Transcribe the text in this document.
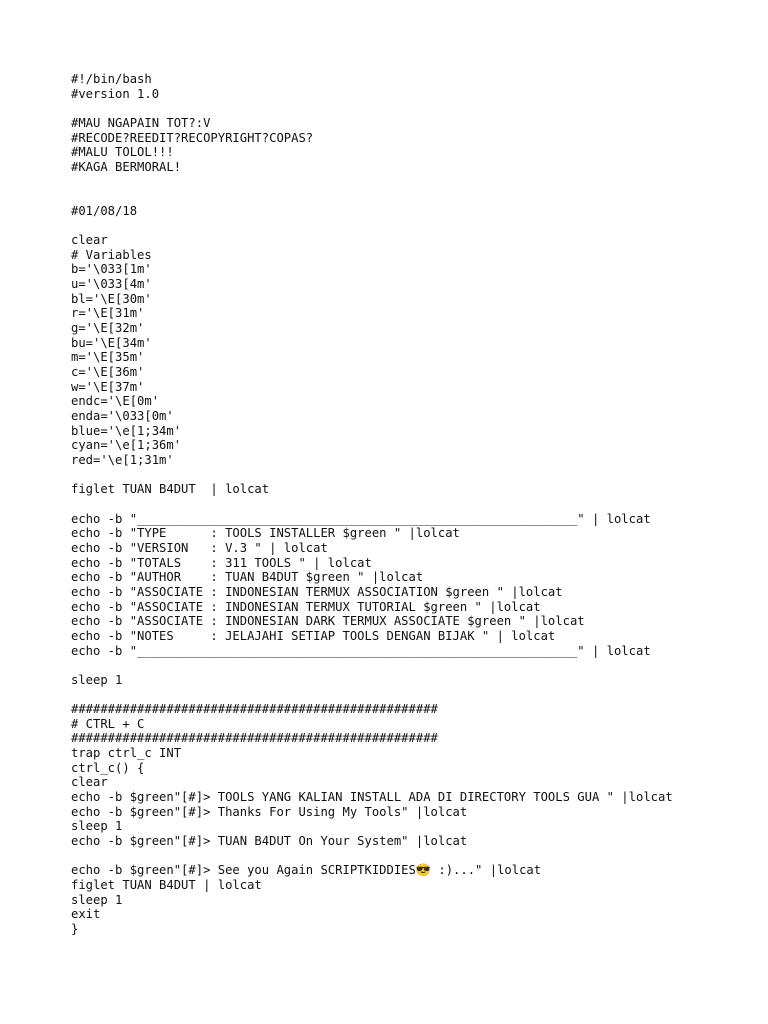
#!/bin/bash
#version 1.0
#MAU NGAPAIN TOT?:V
#RECODE?REEDIT?RECOPYRIGHT?COPAS?
#MALU TOLOL!!!
#KAGA BERMORAL!
#01/08/18
clear
# Variables
b='\033[1m'
u='\033[4m'
bl='\E[30m'
r='\E[31m'
g='\E[32m'
bu='\E[34m'
m='\E[35m'
c='\E[36m'
w='\E[37m'
endc='\E[0m'
enda='\033[0m'
blue='\e[1;34m'
cyan='\e[1;36m'
red='\e[1;31m'
figlet TUAN B4DUT  | lolcat
echo -b "____________________________________________________________" | lolcat
echo -b "TYPE      : TOOLS INSTALLER $green " |lolcat
echo -b "VERSION   : V.3 " | lolcat
echo -b "TOTALS    : 311 TOOLS " | lolcat
echo -b "AUTHOR    : TUAN B4DUT $green " |lolcat
echo -b "ASSOCIATE : INDONESIAN TERMUX ASSOCIATION $green " |lolcat
echo -b "ASSOCIATE : INDONESIAN TERMUX TUTORIAL $green " |lolcat
echo -b "ASSOCIATE : INDONESIAN DARK TERMUX ASSOCIATE $green " |lolcat
echo -b "NOTES     : JELAJAHI SETIAP TOOLS DENGAN BIJAK " | lolcat
echo -b "____________________________________________________________" | lolcat
sleep 1
##################################################
# CTRL + C
##################################################
trap ctrl_c INT
ctrl_c() {
clear
echo -b $green"[#]> TOOLS YANG KALIAN INSTALL ADA DI DIRECTORY TOOLS GUA " |lolcat
echo -b $green"[#]> Thanks For Using My Tools" |lolcat
sleep 1
echo -b $green"[#]> TUAN B4DUT On Your System" |lolcat
echo -b $green"[#]> See you Again SCRIPTKIDDIES😎 :)..." |lolcat
figlet TUAN B4DUT | lolcat
sleep 1
exit
}
